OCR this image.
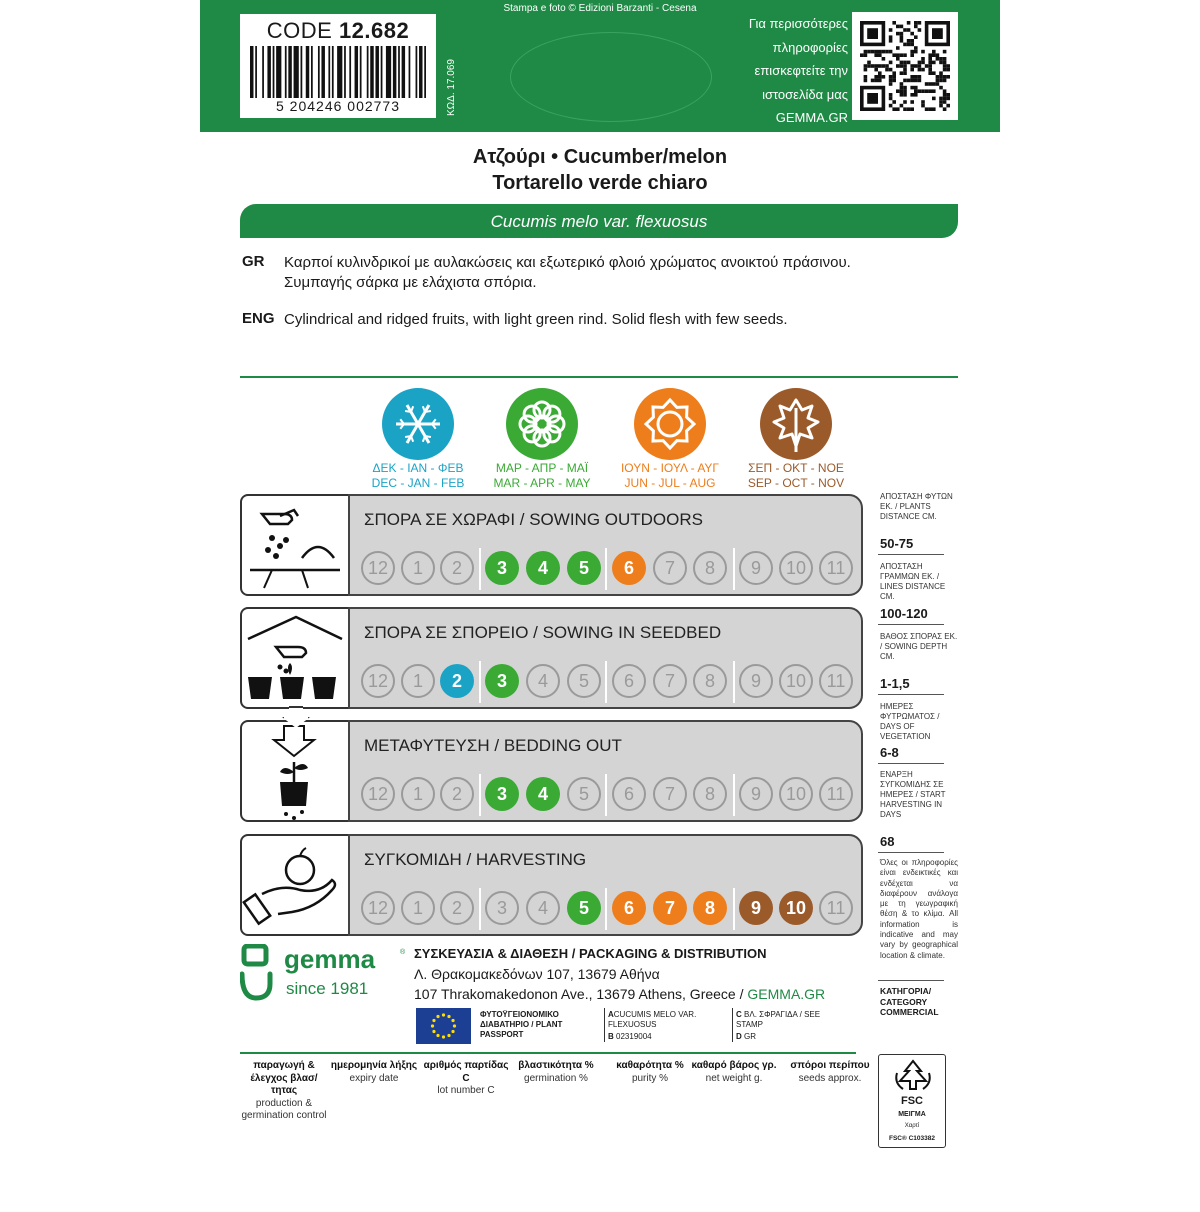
CODE 12.682
5 204246 002773	ΚΩΔ. 17.069
Stampa e foto © Edizioni Barzanti - Cesena
Για περισσότερες
πληροφορίες
επισκεφτείτε την
ιστοσελίδα μας
GEMMA.GR
Ατζούρι • Cucumber/melon
Tortarello verde chiaro
Cucumis melo var. flexuosus
GR Καρποί κυλινδρικοί με αυλακώσεις και εξωτερικό φλοιό χρώματος ανοικτού πράσινου.
Συμπαγής σάρκα με ελάχιστα σπόρια.
ENG Cylindrical and ridged fruits, with light green rind. Solid flesh with few seeds.
ΔΕΚ - ΙΑΝ - ΦΕΒ
DEC - JAN - FEB
ΜΑΡ - ΑΠΡ - ΜΑΪ
MAR - APR - MAY
ΙΟΥΝ - ΙΟΥΛ - ΑΥΓ
JUN - JUL - AUG
ΣΕΠ - ΟΚΤ - ΝΟΕ
SEP - OCT - NOV
ΣΠΟΡΑ ΣΕ ΧΩΡΑΦΙ / SOWING OUTDOORS
12	1	2	3	4	5	6	7	8	9	10	11
ΣΠΟΡΑ ΣΕ ΣΠΟΡΕΙΟ / SOWING IN SEEDBED
12	1	2	3	4	5	6	7	8	9	10	11
ΜΕΤΑΦΥΤΕΥΣΗ / BEDDING OUT
12	1	2	3	4	5	6	7	8	9	10	11
ΣΥΓΚΟΜΙΔΗ / HARVESTING
12	1	2	3	4	5	6	7	8	9	10	11
ΑΠΟΣΤΑΣΗ ΦΥΤΩΝ ΕΚ. / PLANTS DISTANCE CM.
50-75
ΑΠΟΣΤΑΣΗ ΓΡΑΜΜΩΝ ΕΚ. / LINES DISTANCE CM.
100-120
ΒΑΘΟΣ ΣΠΟΡΑΣ ΕΚ. / SOWING DEPTH CM.
1-1,5
ΗΜΕΡΕΣ ΦΥΤΡΩΜΑΤΟΣ / DAYS OF VEGETATION
6-8
ΕΝΑΡΞΗ ΣΥΓΚΟΜΙΔΗΣ ΣΕ ΗΜΕΡΕΣ / START HARVESTING IN DAYS
68
Όλες οι πληροφορίες είναι ενδεικτικές και ενδέχεται να διαφέρουν ανάλογα με τη γεωγραφική θέση & το κλίμα. All information is indicative and may vary by geographical location & climate.
ΚΑΤΗΓΟΡΙΑ/ CATEGORY
COMMERCIAL
gemma	®
since 1981
ΣΥΣΚΕΥΑΣΙΑ & ΔΙΑΘΕΣΗ / PACKAGING & DISTRIBUTION
Λ. Θρακομακεδόνων 107, 13679 Αθήνα
107 Thrakomakedonon Ave., 13679 Athens, Greece / GEMMA.GR
ΦΥΤΟΫΓΕΙΟΝΟΜΙΚΟ ΔΙΑΒΑΤΗΡΙΟ / PLANT PASSPORT
ACUCUMIS MELO VAR. FLEXUOSUS
B 02319004
C ΒΛ. ΣΦΡΑΓΙΔΑ / SEE STAMP
D GR
παραγωγή & έλεγχος βλασ/τητας
production & germination control
ημερομηνία λήξης
expiry date
αριθμός παρτίδας C
lot number C
βλαστικότητα %
germination %
καθαρότητα %
purity %
καθαρό βάρος γρ.
net weight g.
σπόροι περίπου
seeds approx.
FSC
ΜΕΙΓΜΑ
Χαρτί
FSC® C103382
